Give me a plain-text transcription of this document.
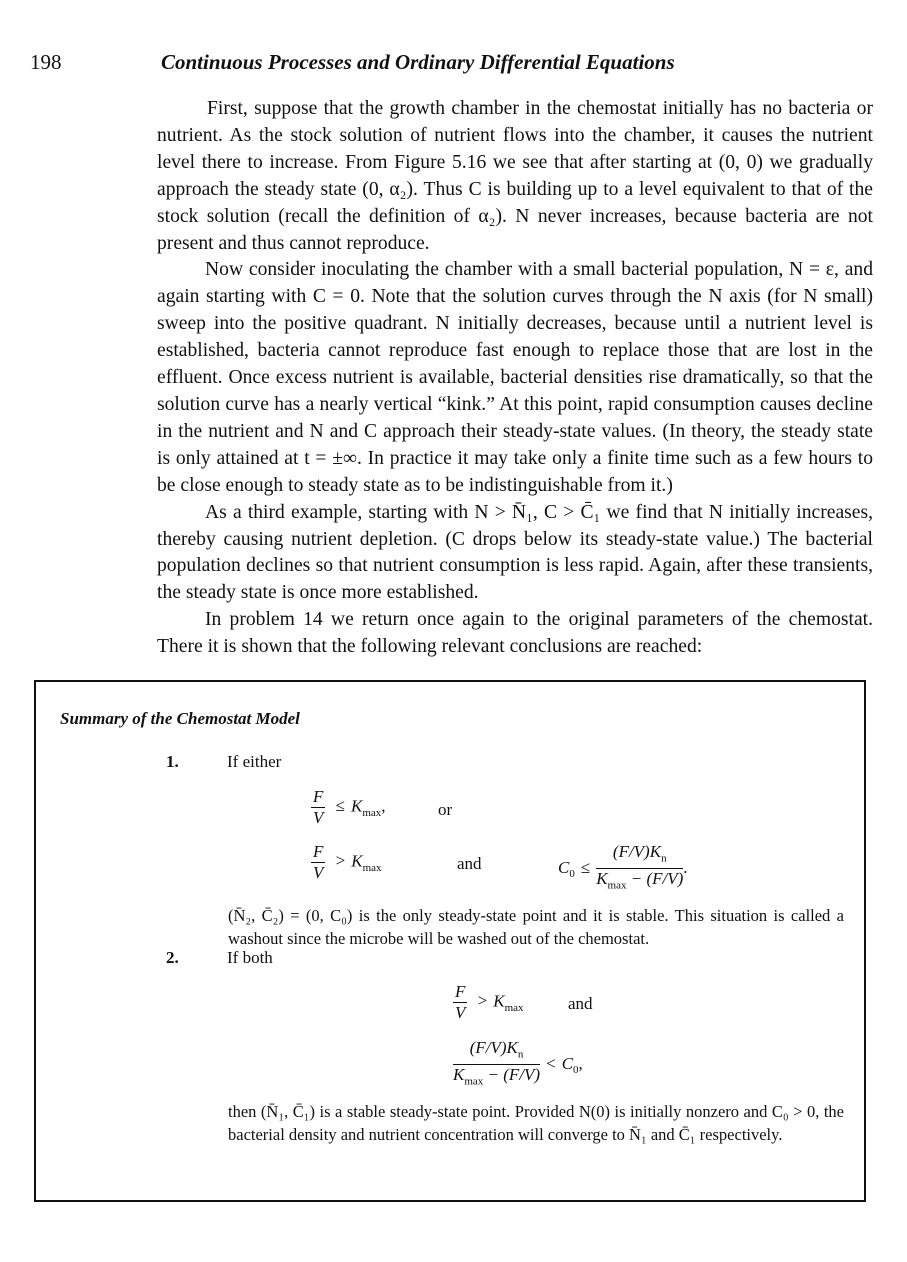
198	Continuous Processes and Ordinary Differential Equations

First, suppose that the growth chamber in the chemostat initially has no bacteria or nutrient. As the stock solution of nutrient flows into the chamber, it causes the nutrient level there to increase. From Figure 5.16 we see that after starting at (0, 0) we gradually approach the steady state (0, α₂). Thus C is building up to a level equivalent to that of the stock solution (recall the definition of α₂). N never increases, because bacteria are not present and thus cannot reproduce.

Now consider inoculating the chamber with a small bacterial population, N = ε, and again starting with C = 0. Note that the solution curves through the N axis (for N small) sweep into the positive quadrant. N initially decreases, because until a nutrient level is established, bacteria cannot reproduce fast enough to replace those that are lost in the effluent. Once excess nutrient is available, bacterial densities rise dramatically, so that the solution curve has a nearly vertical “kink.” At this point, rapid consumption causes decline in the nutrient and N and C approach their steady-state values. (In theory, the steady state is only attained at t = ±∞. In practice it may take only a finite time such as a few hours to be close enough to steady state as to be indistinguishable from it.)

As a third example, starting with N > N̄₁, C > C̄₁ we find that N initially increases, thereby causing nutrient depletion. (C drops below its steady-state value.) The bacterial population declines so that nutrient consumption is less rapid. Again, after these transients, the steady state is once more established.

In problem 14 we return once again to the original parameters of the chemostat. There it is shown that the following relevant conclusions are reached:

Summary of the Chemostat Model
1.	If either
$\frac{F}{V} \le K_{max}$,	or
$\frac{F}{V} > K_{max}$	and	$C_0 \le \frac{(F/V)K_n}{K_{max} - (F/V)}$ .
(N̄₂, C̄₂) = (0, C₀) is the only steady-state point and it is stable. This situation is called a washout since the microbe will be washed out of the chemostat.
2.	If both
$\frac{F}{V} > K_{max}$	and
$\frac{(F/V)K_n}{K_{max} - (F/V)} < C_0$,
then (N̄₁, C̄₁) is a stable steady-state point. Provided N(0) is initially nonzero and C₀ > 0, the bacterial density and nutrient concentration will converge to N̄₁ and C̄₁ respectively.
